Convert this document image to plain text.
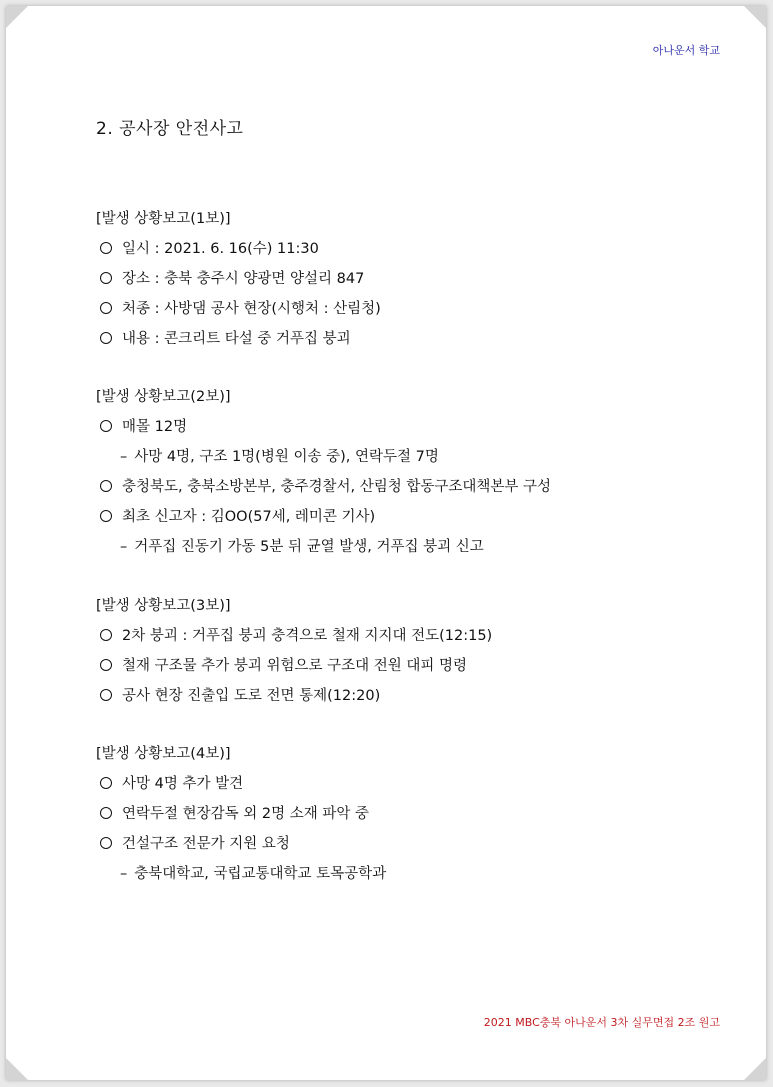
아나운서 학교
2. 공사장 안전사고
[발생 상황보고(1보)]
일시 : 2021. 6. 16(수) 11:30
장소 : 충북 충주시 양광면 양설리 847
처종 : 사방댐 공사 현장(시행처 : 산림청)
내용 : 콘크리트 타설 중 거푸집 붕괴
[발생 상황보고(2보)]
매몰 12명
– 사망 4명, 구조 1명(병원 이송 중), 연락두절 7명
충청북도, 충북소방본부, 충주경찰서, 산림청 합동구조대책본부 구성
최초 신고자 : 김OO(57세, 레미콘 기사)
– 거푸집 진동기 가동 5분 뒤 균열 발생, 거푸집 붕괴 신고
[발생 상황보고(3보)]
2차 붕괴 : 거푸집 붕괴 충격으로 철재 지지대 전도(12:15)
철재 구조물 추가 붕괴 위험으로 구조대 전원 대피 명령
공사 현장 진출입 도로 전면 통제(12:20)
[발생 상황보고(4보)]
사망 4명 추가 발견
연락두절 현장감독 외 2명 소재 파악 중
건설구조 전문가 지원 요청
– 충북대학교, 국립교통대학교 토목공학과
2021 MBC충북 아나운서 3차 실무면접 2조 원고
